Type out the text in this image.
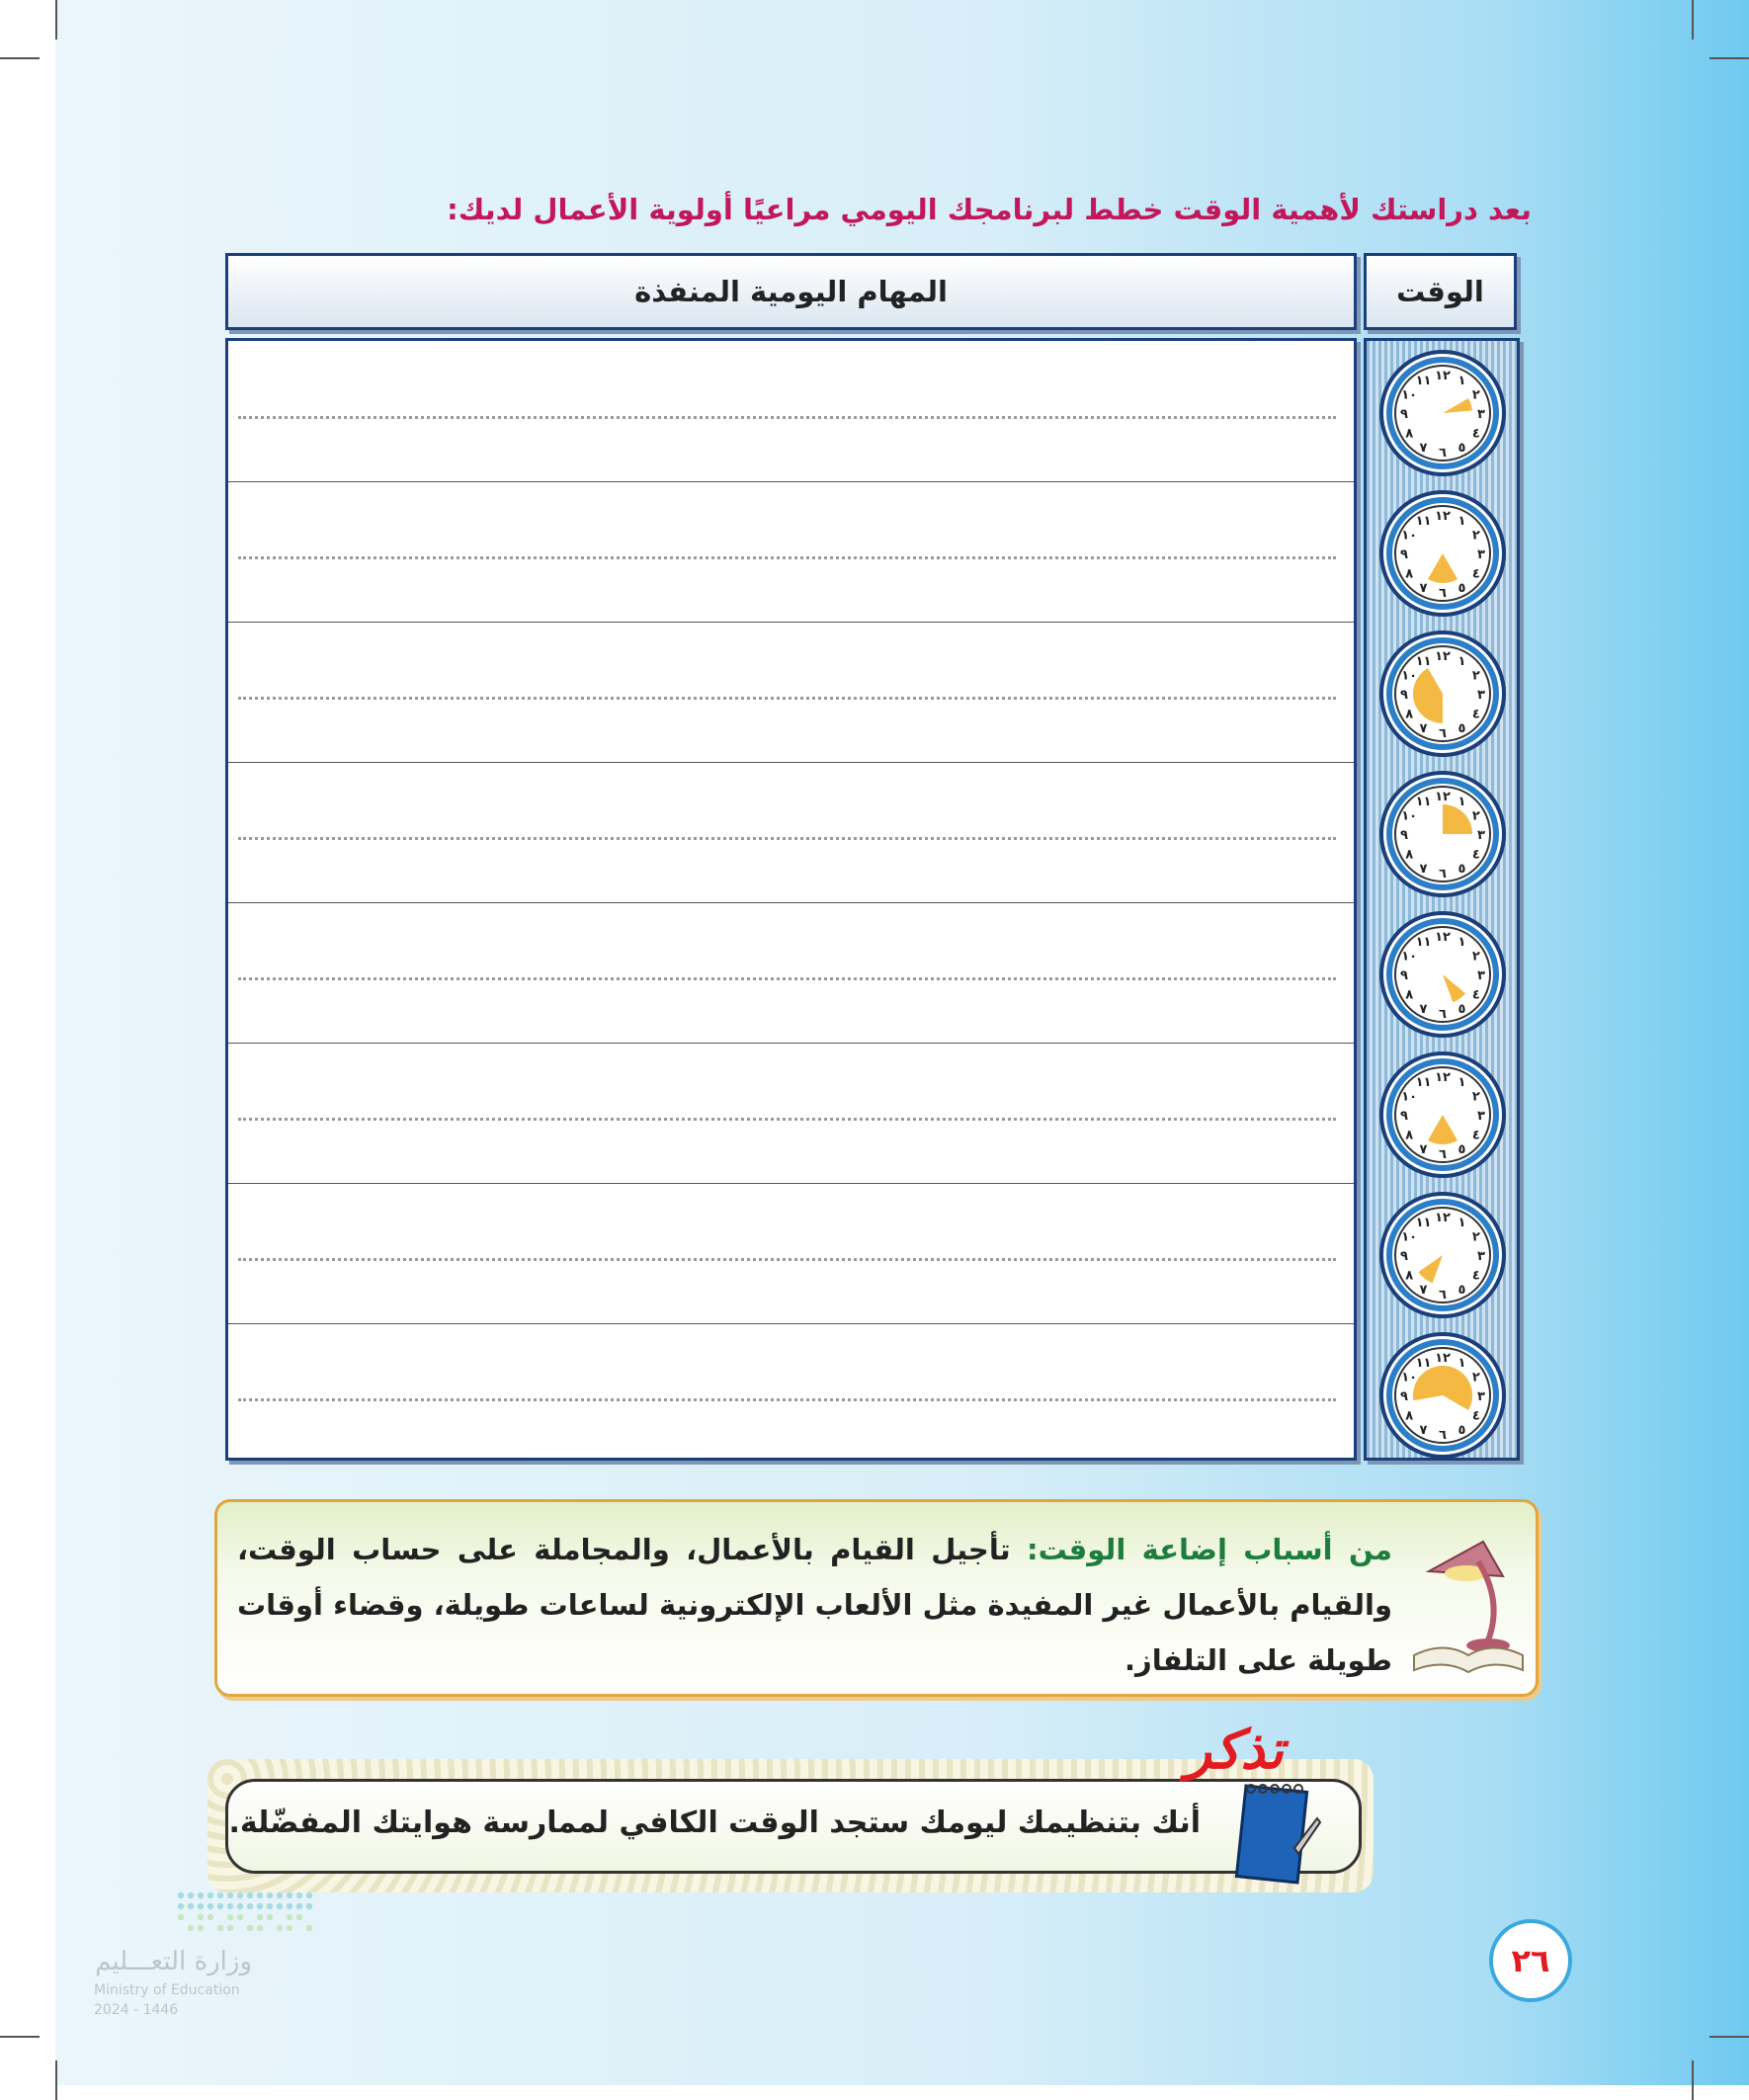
بعد دراستك لأهمية الوقت خطط لبرنامجك اليومي مراعيًا أولوية الأعمال لديك:
الوقت
المهام اليومية المنفذة
١٢ ١
٢
٣
٤
٥
٦
٧
٨
٩
١٠
١١
١٢ ١
٢
٣
٤
٥
٦
٧
٨
٩
١٠
١١
١٢ ١
٢
٣
٤
٥
٦
٧
٨
٩
١٠
١١
١٢ ١
٢
٣
٤
٥
٦
٧
٨
٩
١٠
١١
١٢ ١
٢
٣
٤
٥
٦
٧
٨
٩
١٠
١١
١٢ ١
٢
٣
٤
٥
٦
٧
٨
٩
١٠
١١
١٢ ١
٢
٣
٤
٥
٦
٧
٨
٩
١٠
١١
١٢ ١
٢
٣
٤
٥
٦
٧
٨
٩
١٠
١١
من أسباب إضاعة الوقت: تأجيل القيام بالأعمال، والمجاملة على حساب الوقت، والقيام بالأعمال غير المفيدة مثل الألعاب الإلكترونية لساعات طويلة، وقضاء أوقات طويلة على التلفاز.
أنك بتنظيمك ليومك ستجد الوقت الكافي لممارسة هوايتك المفضّلة.
تذكر
٢٦
وزارة التعـــليم
Ministry of Education
2024 - 1446
